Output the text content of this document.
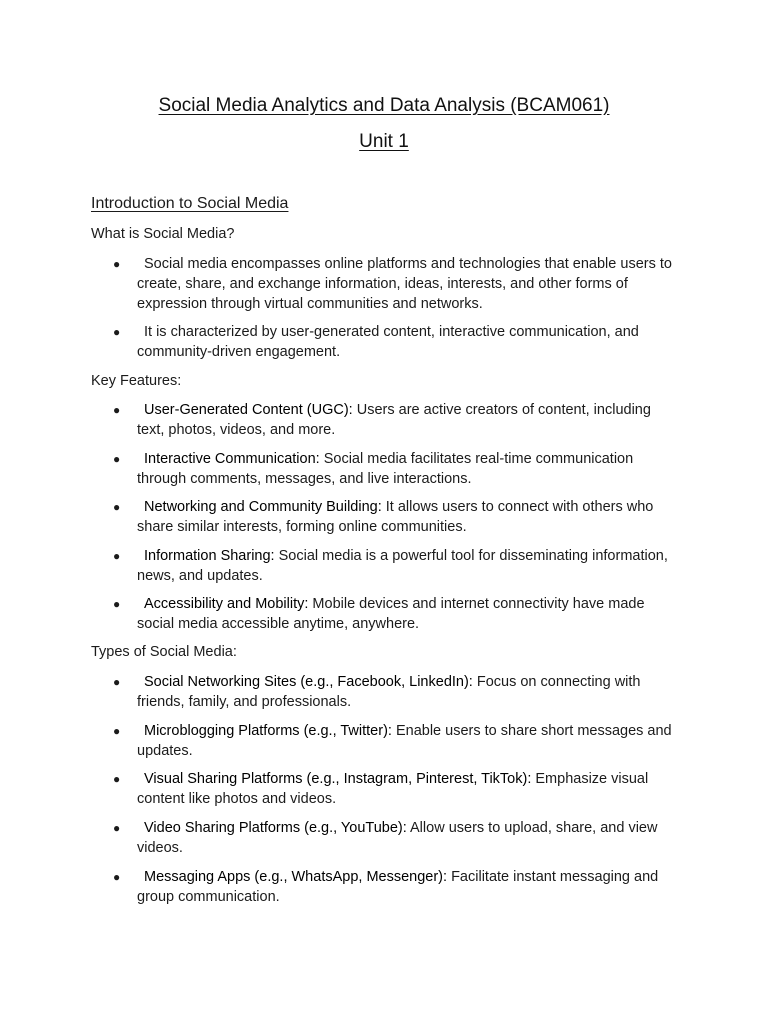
Social Media Analytics and Data Analysis (BCAM061)
Unit 1
Introduction to Social Media
What is Social Media?
●	Social media encompasses online platforms and technologies that enable users to create, share, and exchange information, ideas, interests, and other forms of expression through virtual communities and networks.
●	It is characterized by user-generated content, interactive communication, and community-driven engagement.
Key Features:
●	User-Generated Content (UGC): Users are active creators of content, including text, photos, videos, and more.
●	Interactive Communication: Social media facilitates real-time communication through comments, messages, and live interactions.
●	Networking and Community Building: It allows users to connect with others who share similar interests, forming online communities.
●	Information Sharing: Social media is a powerful tool for disseminating information, news, and updates.
●	Accessibility and Mobility: Mobile devices and internet connectivity have made social media accessible anytime, anywhere.
Types of Social Media:
●	Social Networking Sites (e.g., Facebook, LinkedIn): Focus on connecting with friends, family, and professionals.
●	Microblogging Platforms (e.g., Twitter): Enable users to share short messages and updates.
●	Visual Sharing Platforms (e.g., Instagram, Pinterest, TikTok): Emphasize visual content like photos and videos.
●	Video Sharing Platforms (e.g., YouTube): Allow users to upload, share, and view videos.
●	Messaging Apps (e.g., WhatsApp, Messenger): Facilitate instant messaging and group communication.
